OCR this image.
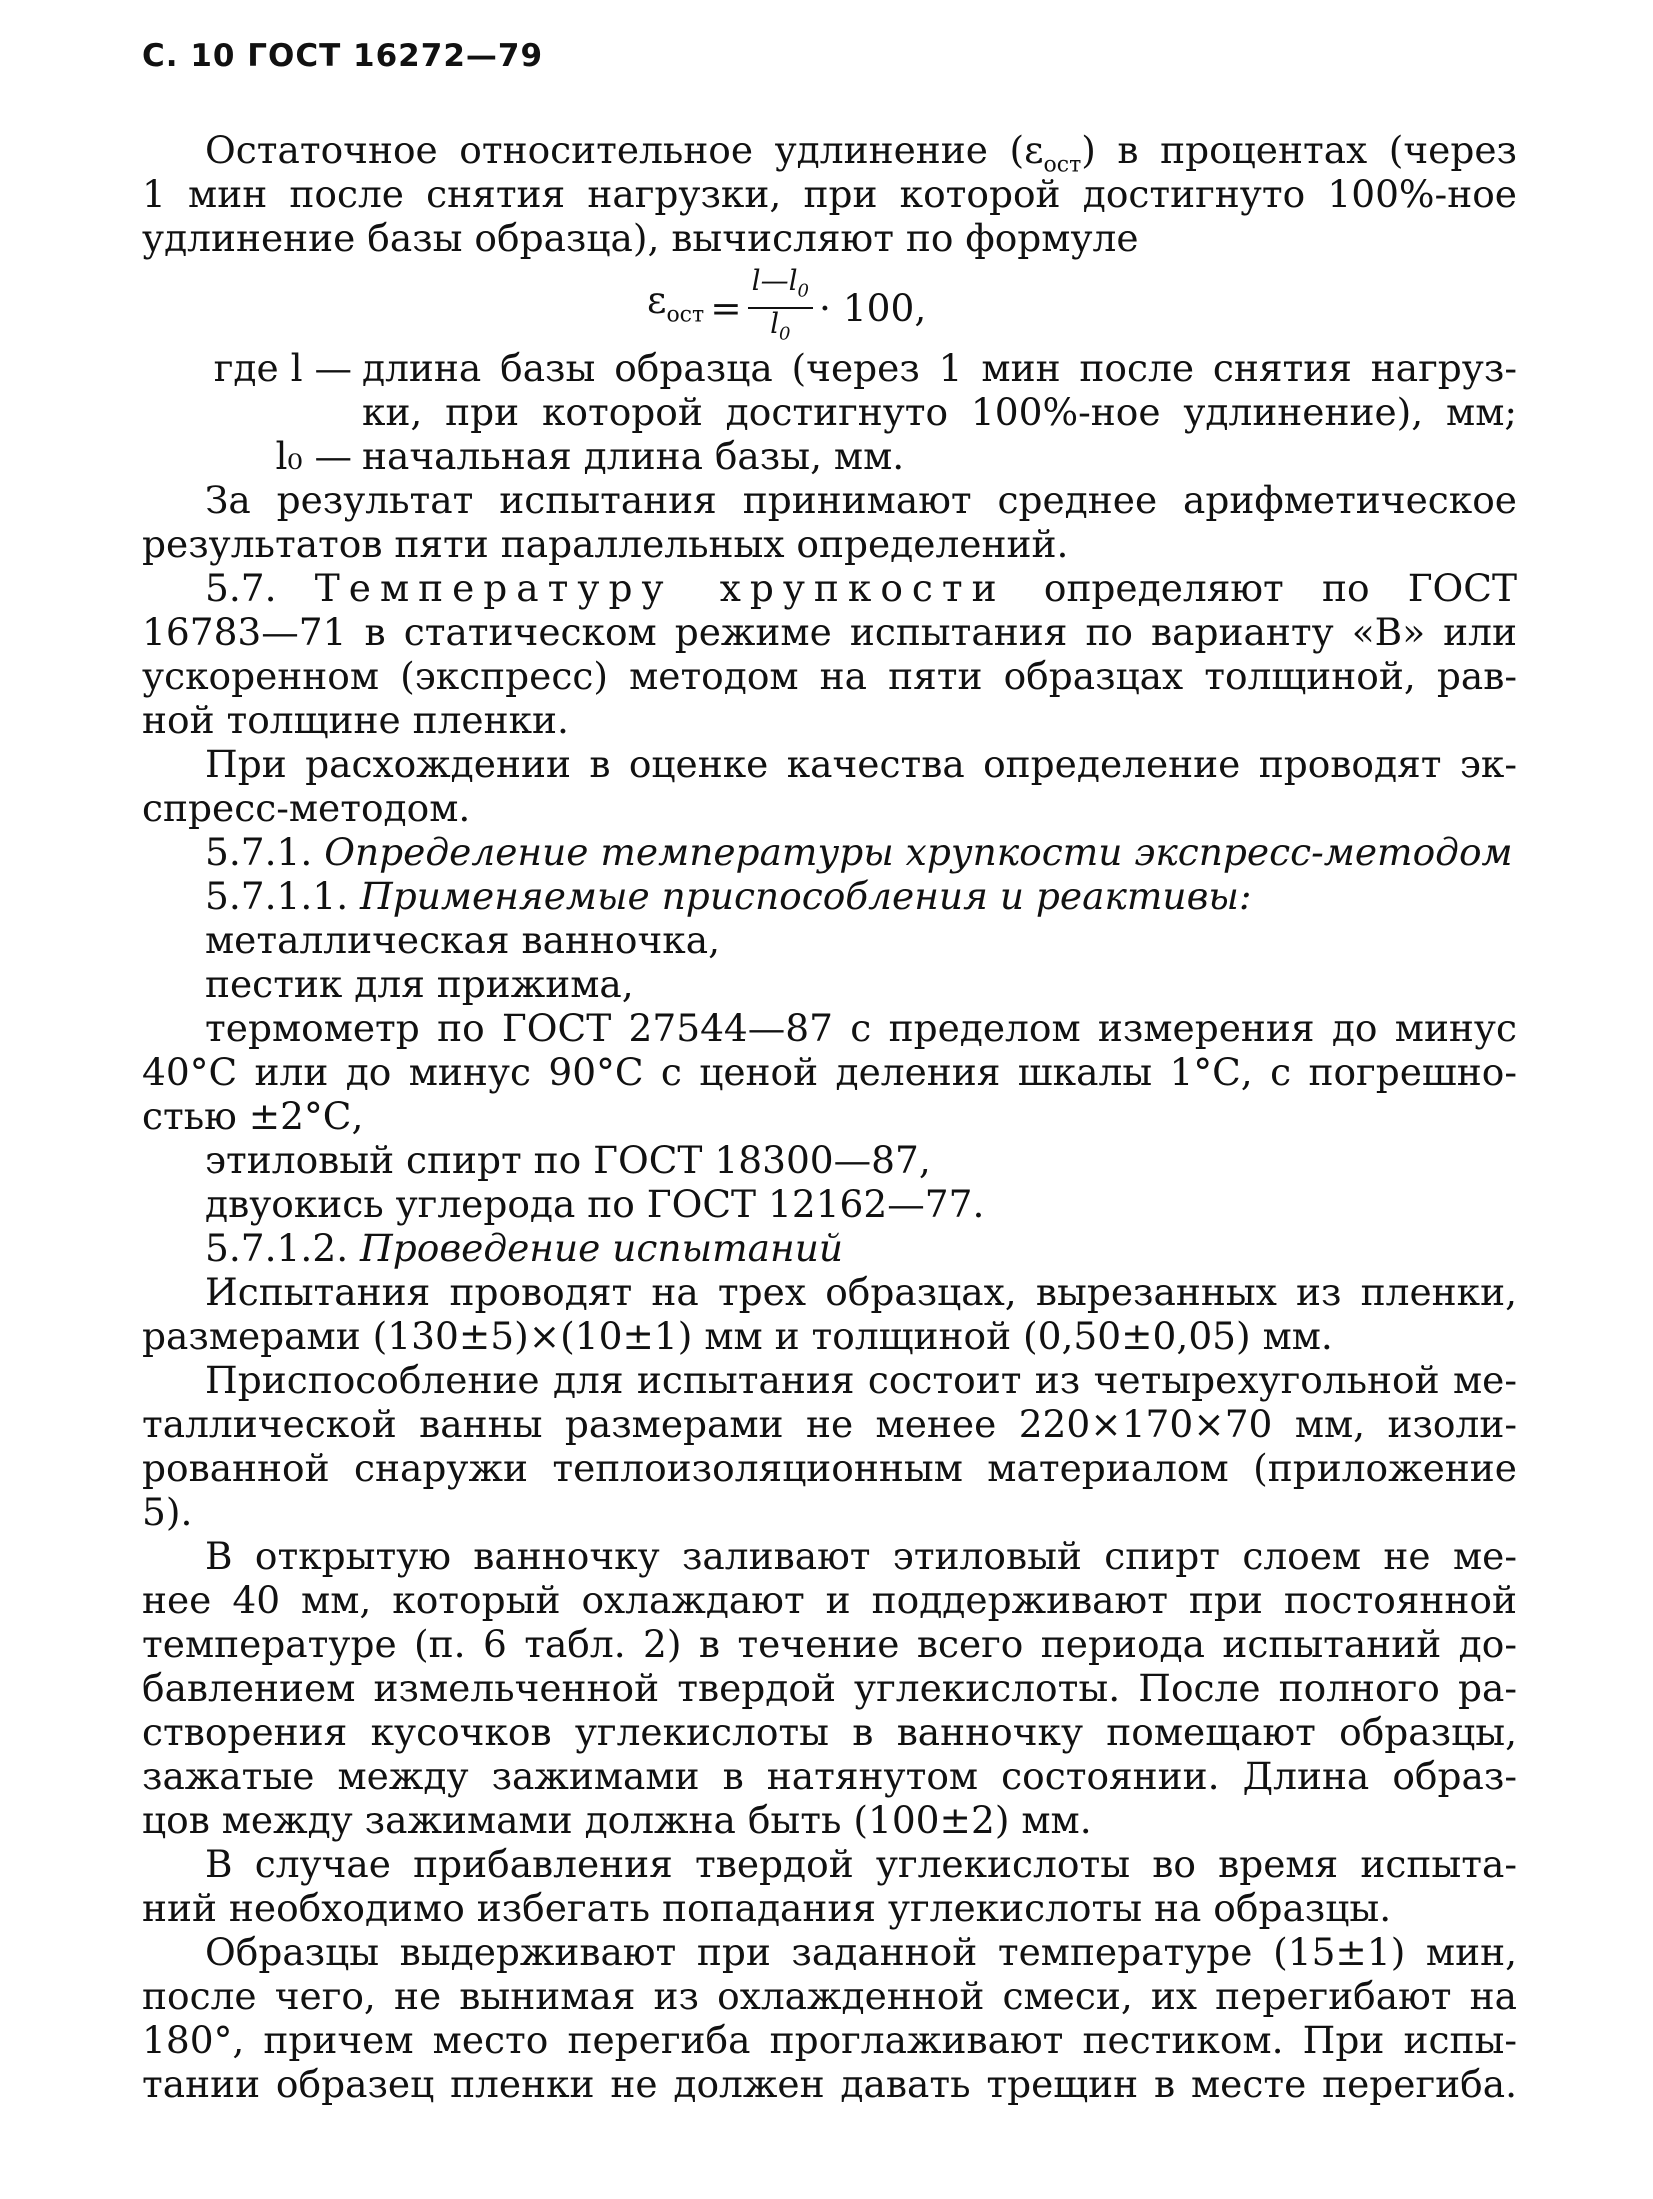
С. 10 ГОСТ 16272—79
Остаточное относительное удлинение $(\varepsilon_{ост})$ в процентах (через
1 мин после снятия нагрузки, при которой достигнуто 100%-ное
удлинение базы образца), вычисляют по формуле
$\varepsilon_{ост} = \frac{l—l_0}{l_0} \cdot 100$,
где l — длина базы образца (через 1 мин после снятия нагруз-
ки, при которой достигнуто 100%-ное удлинение), мм;
l₀ — начальная длина базы, мм.
За результат испытания принимают среднее арифметическое
результатов пяти параллельных определений.
5.7. Температуру хрупкости определяют по ГОСТ
16783—71 в статическом режиме испытания по варианту «В» или
ускоренном (экспресс) методом на пяти образцах толщиной, рав-
ной толщине пленки.
При расхождении в оценке качества определение проводят эк-
спресс-методом.
5.7.1. Определение температуры хрупкости экспресс-методом
5.7.1.1. Применяемые приспособления и реактивы:
металлическая ванночка,
пестик для прижима,
термометр по ГОСТ 27544—87 с пределом измерения до минус
40°С или до минус 90°С с ценой деления шкалы 1°С, с погрешно-
стью ±2°С,
этиловый спирт по ГОСТ 18300—87,
двуокись углерода по ГОСТ 12162—77.
5.7.1.2. Проведение испытаний
Испытания проводят на трех образцах, вырезанных из пленки,
размерами (130±5)×(10±1) мм и толщиной (0,50±0,05) мм.
Приспособление для испытания состоит из четырехугольной ме-
таллической ванны размерами не менее 220×170×70 мм, изоли-
рованной снаружи теплоизоляционным материалом (приложение
5).
В открытую ванночку заливают этиловый спирт слоем не ме-
нее 40 мм, который охлаждают и поддерживают при постоянной
температуре (п. 6 табл. 2) в течение всего периода испытаний до-
бавлением измельченной твердой углекислоты. После полного ра-
створения кусочков углекислоты в ванночку помещают образцы,
зажатые между зажимами в натянутом состоянии. Длина образ-
цов между зажимами должна быть (100±2) мм.
В случае прибавления твердой углекислоты во время испыта-
ний необходимо избегать попадания углекислоты на образцы.
Образцы выдерживают при заданной температуре (15±1) мин,
после чего, не вынимая из охлажденной смеси, их перегибают на
180°, причем место перегиба проглаживают пестиком. При испы-
тании образец пленки не должен давать трещин в месте перегиба.
